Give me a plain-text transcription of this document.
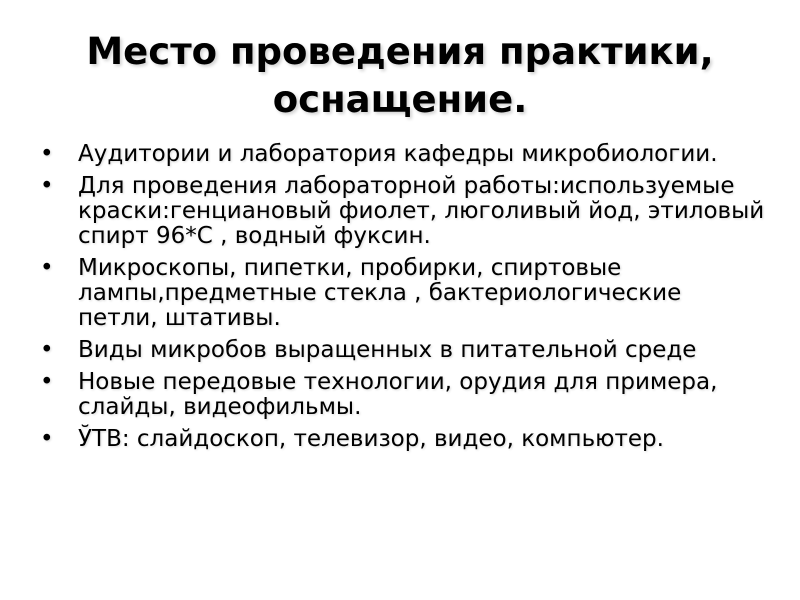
Место проведения практики,
оснащение.
• Аудитории и лаборатория кафедры микробиологии.
• Для проведения лабораторной работы:используемые краски:генциановый фиолет, люголивый йод, этиловый спирт 96*С , водный фуксин.
• Микроскопы, пипетки, пробирки, спиртовые лампы,предметные стекла , бактериологические петли, штативы.
• Виды микробов выращенных в питательной среде
• Новые передовые технологии, орудия для примера, слайды, видеофильмы.
• ЎТВ: слайдоскоп, телевизор, видео, компьютер.
